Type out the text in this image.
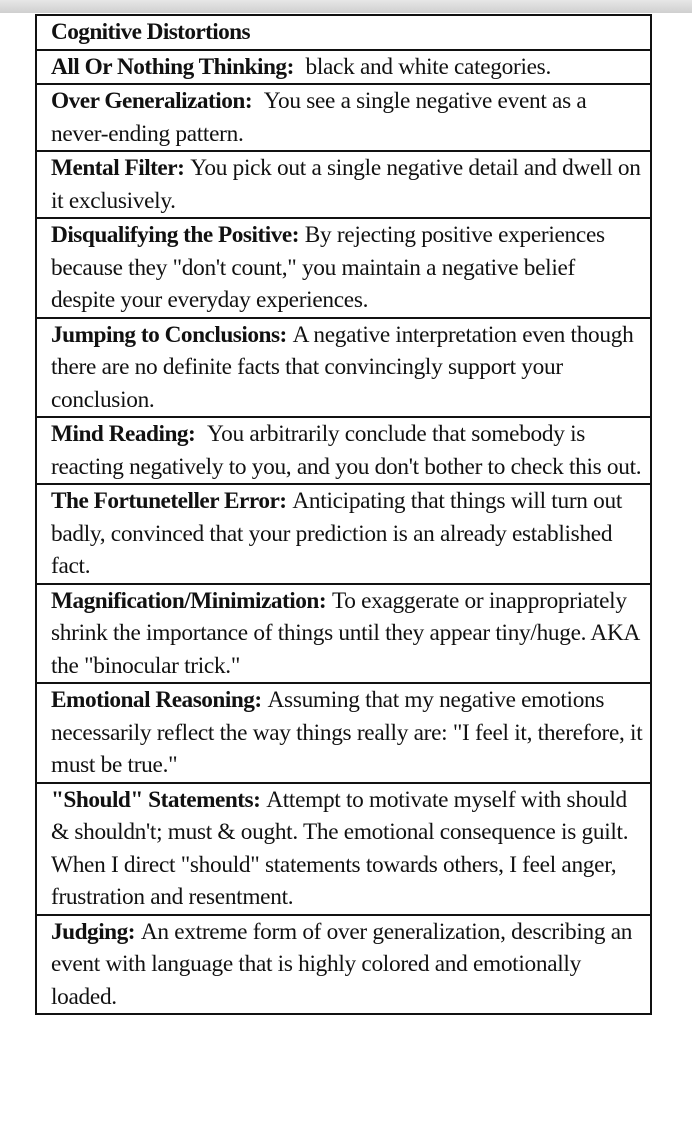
Cognitive Distortions

All Or Nothing Thinking: black and white categories.
Over Generalization: You see a single negative event as a never-ending pattern.
Mental Filter: You pick out a single negative detail and dwell on it exclusively.
Disqualifying the Positive: By rejecting positive experiences because they "don't count," you maintain a negative belief despite your everyday experiences.
Jumping to Conclusions: A negative interpretation even though there are no definite facts that convincingly support your conclusion.
Mind Reading: You arbitrarily conclude that somebody is reacting negatively to you, and you don't bother to check this out.
The Fortuneteller Error: Anticipating that things will turn out badly, convinced that your prediction is an already established fact.
Magnification/Minimization: To exaggerate or inappropriately shrink the importance of things until they appear tiny/huge. AKA the "binocular trick."
Emotional Reasoning: Assuming that my negative emotions necessarily reflect the way things really are: "I feel it, therefore, it must be true."
"Should" Statements: Attempt to motivate myself with should & shouldn't; must & ought. The emotional consequence is guilt. When I direct "should" statements towards others, I feel anger, frustration and resentment.
Judging: An extreme form of over generalization, describing an event with language that is highly colored and emotionally loaded.
